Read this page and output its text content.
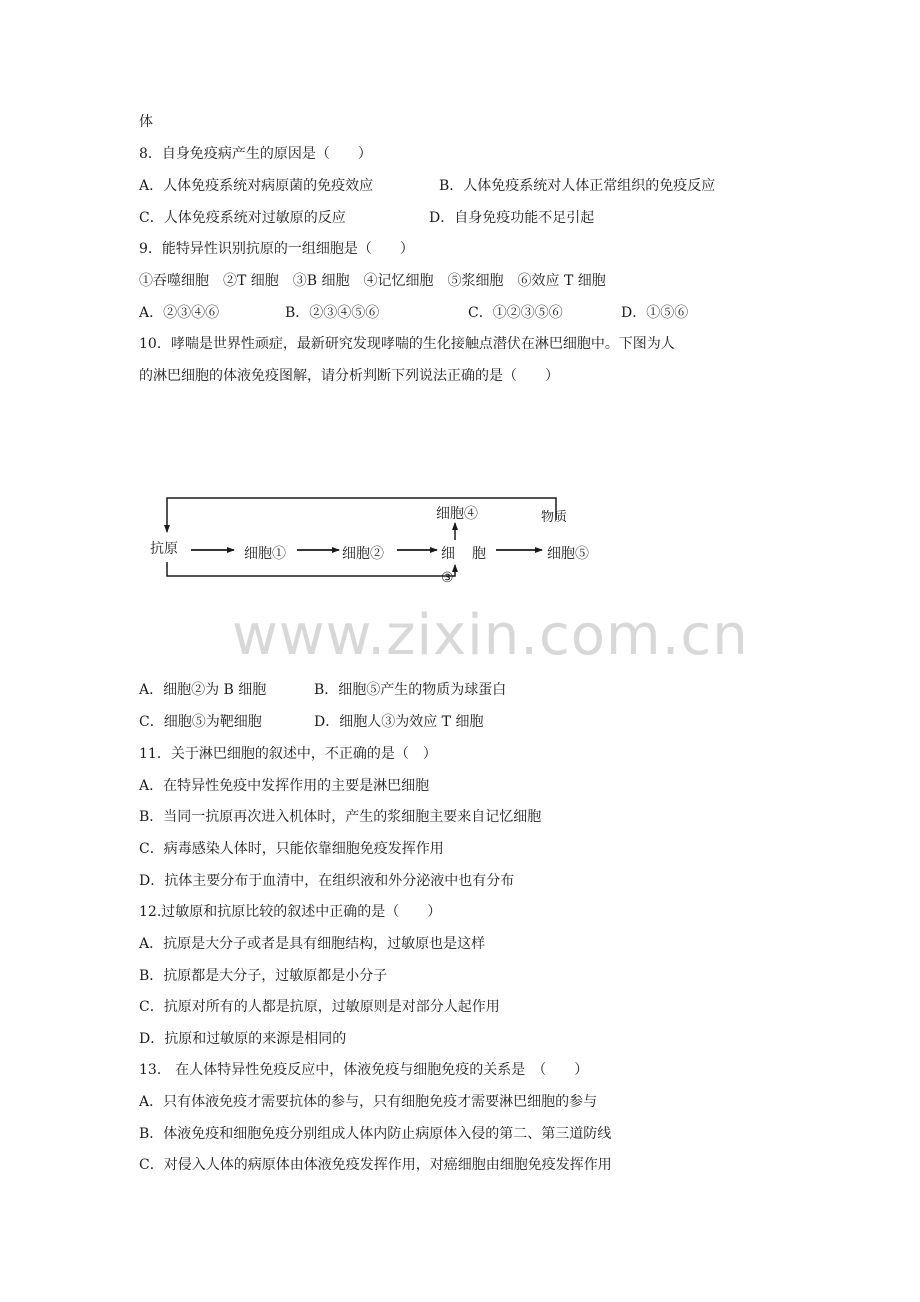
体
8．自身免疫病产生的原因是（　　）
A．人体免疫系统对病原菌的免疫效应	B．人体免疫系统对人体正常组织的免疫反应
C．人体免疫系统对过敏原的反应	D．自身免疫功能不足引起
9．能特异性识别抗原的一组细胞是（　　）
①吞噬细胞　②T 细胞　③B 细胞　④记忆细胞　⑤浆细胞　⑥效应 T 细胞
A．②③④⑥	B．②③④⑤⑥	C．①②③⑤⑥	D．①⑤⑥
10．哮喘是世界性顽症，最新研究发现哮喘的生化接触点潜伏在淋巴细胞中。下图为人
的淋巴细胞的体液免疫图解，请分析判断下列说法正确的是（　　）
抗原	细胞①	细胞②	细 胞
③
细胞④
细胞⑤
物质
www.zixin.com.cn
A．细胞②为 B 细胞	B．细胞⑤产生的物质为球蛋白
C．细胞⑤为靶细胞	D．细胞人③为效应 T 细胞
11．关于淋巴细胞的叙述中，不正确的是（　）
A．在特异性免疫中发挥作用的主要是淋巴细胞
B．当同一抗原再次进入机体时，产生的浆细胞主要来自记忆细胞
C．病毒感染人体时，只能依靠细胞免疫发挥作用
D．抗体主要分布于血清中，在组织液和外分泌液中也有分布
12.过敏原和抗原比较的叙述中正确的是（　　）
A．抗原是大分子或者是具有细胞结构，过敏原也是这样
B．抗原都是大分子，过敏原都是小分子
C．抗原对所有的人都是抗原，过敏原则是对部分人起作用
D．抗原和过敏原的来源是相同的
13.　在人体特异性免疫反应中，体液免疫与细胞免疫的关系是　（　　）
A．只有体液免疫才需要抗体的参与，只有细胞免疫才需要淋巴细胞的参与
B．体液免疫和细胞免疫分别组成人体内防止病原体入侵的第二、第三道防线
C．对侵入人体的病原体由体液免疫发挥作用，对癌细胞由细胞免疫发挥作用
